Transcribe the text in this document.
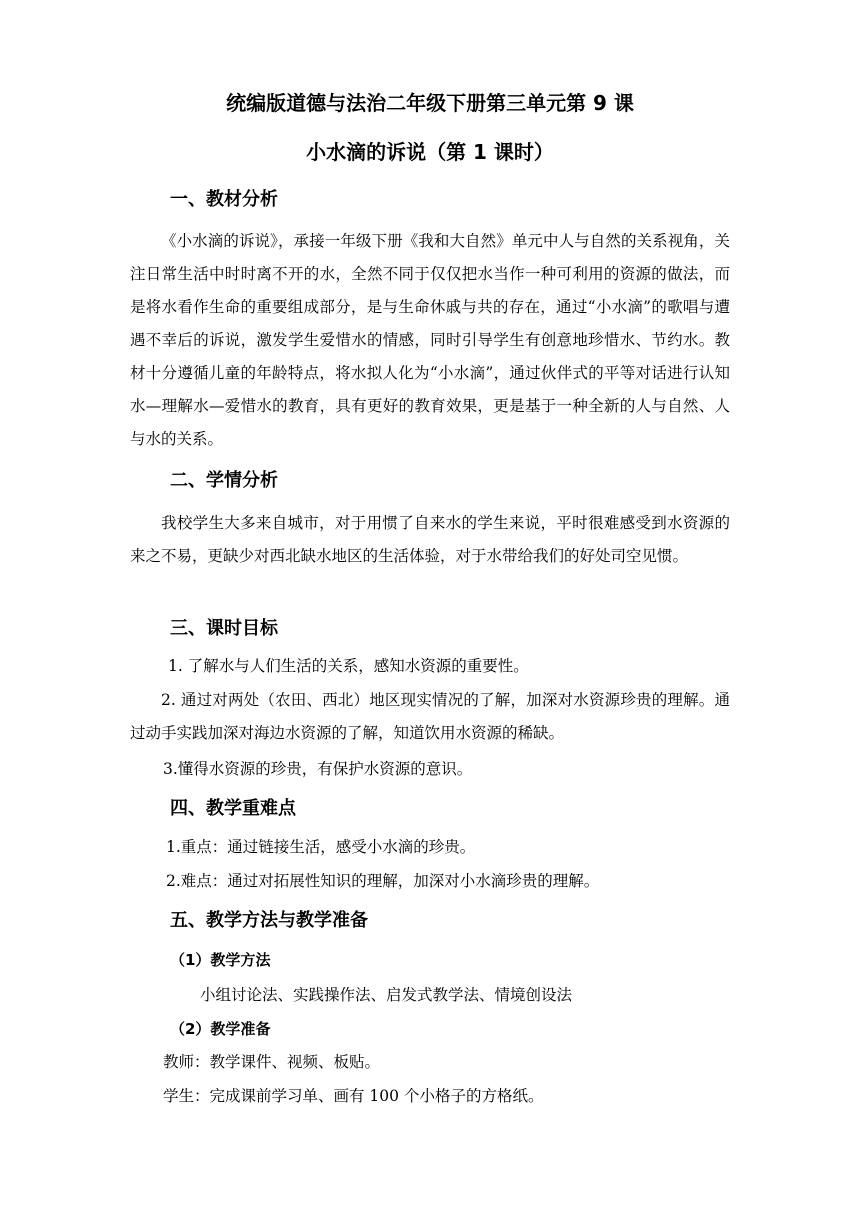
统编版道德与法治二年级下册第三单元第 9 课
小水滴的诉说（第 1 课时）
一、教材分析
《小水滴的诉说》，承接一年级下册《我和大自然》单元中人与自然的关系视角，关注日常生活中时时离不开的水，全然不同于仅仅把水当作一种可利用的资源的做法，而是将水看作生命的重要组成部分，是与生命休戚与共的存在，通过“小水滴”的歌唱与遭遇不幸后的诉说，激发学生爱惜水的情感，同时引导学生有创意地珍惜水、节约水。教材十分遵循儿童的年龄特点，将水拟人化为“小水滴”，通过伙伴式的平等对话进行认知水—理解水—爱惜水的教育，具有更好的教育效果，更是基于一种全新的人与自然、人与水的关系。
二、学情分析
我校学生大多来自城市，对于用惯了自来水的学生来说，平时很难感受到水资源的来之不易，更缺少对西北缺水地区的生活体验，对于水带给我们的好处司空见惯。
三、课时目标
1. 了解水与人们生活的关系，感知水资源的重要性。
2. 通过对两处（农田、西北）地区现实情况的了解，加深对水资源珍贵的理解。通过动手实践加深对海边水资源的了解，知道饮用水资源的稀缺。
3.懂得水资源的珍贵，有保护水资源的意识。
四、教学重难点
1.重点：通过链接生活，感受小水滴的珍贵。
2.难点：通过对拓展性知识的理解，加深对小水滴珍贵的理解。
五、教学方法与教学准备
（1）教学方法
小组讨论法、实践操作法、启发式教学法、情境创设法
（2）教学准备
教师：教学课件、视频、板贴。
学生：完成课前学习单、画有 100 个小格子的方格纸。
